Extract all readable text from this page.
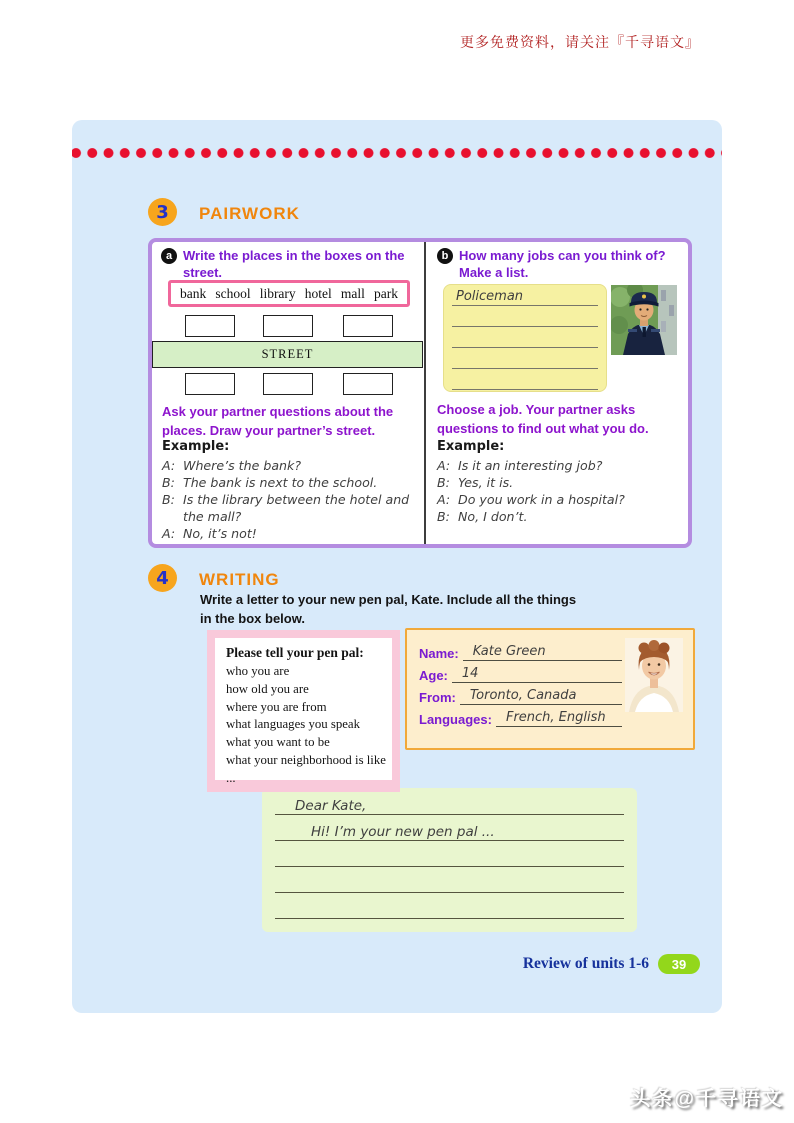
更多免费资料，请关注『千寻语文』
3 PAIRWORK
a Write the places in the boxes on the street.
bank school library hotel mall park
STREET
Ask your partner questions about the places. Draw your partner’s street.
Example:
A: Where’s the bank?
B: The bank is next to the school.
B: Is the library between the hotel and the mall?
A: No, it’s not!
b How many jobs can you think of? Make a list.
Policeman
Choose a job. Your partner asks questions to find out what you do.
Example:
A: Is it an interesting job?
B: Yes, it is.
A: Do you work in a hospital?
B: No, I don’t.
4 WRITING
Write a letter to your new pen pal, Kate. Include all the things
in the box below.
Please tell your pen pal:
who you are
how old you are
where you are from
what languages you speak
what you want to be
what your neighborhood is like
...
Name:	Kate Green
Age:	14
From:	Toronto, Canada
Languages:	French, English
Dear Kate,
Hi! I’m your new pen pal ...
Review of units 1-6	39
头条@千寻语文
